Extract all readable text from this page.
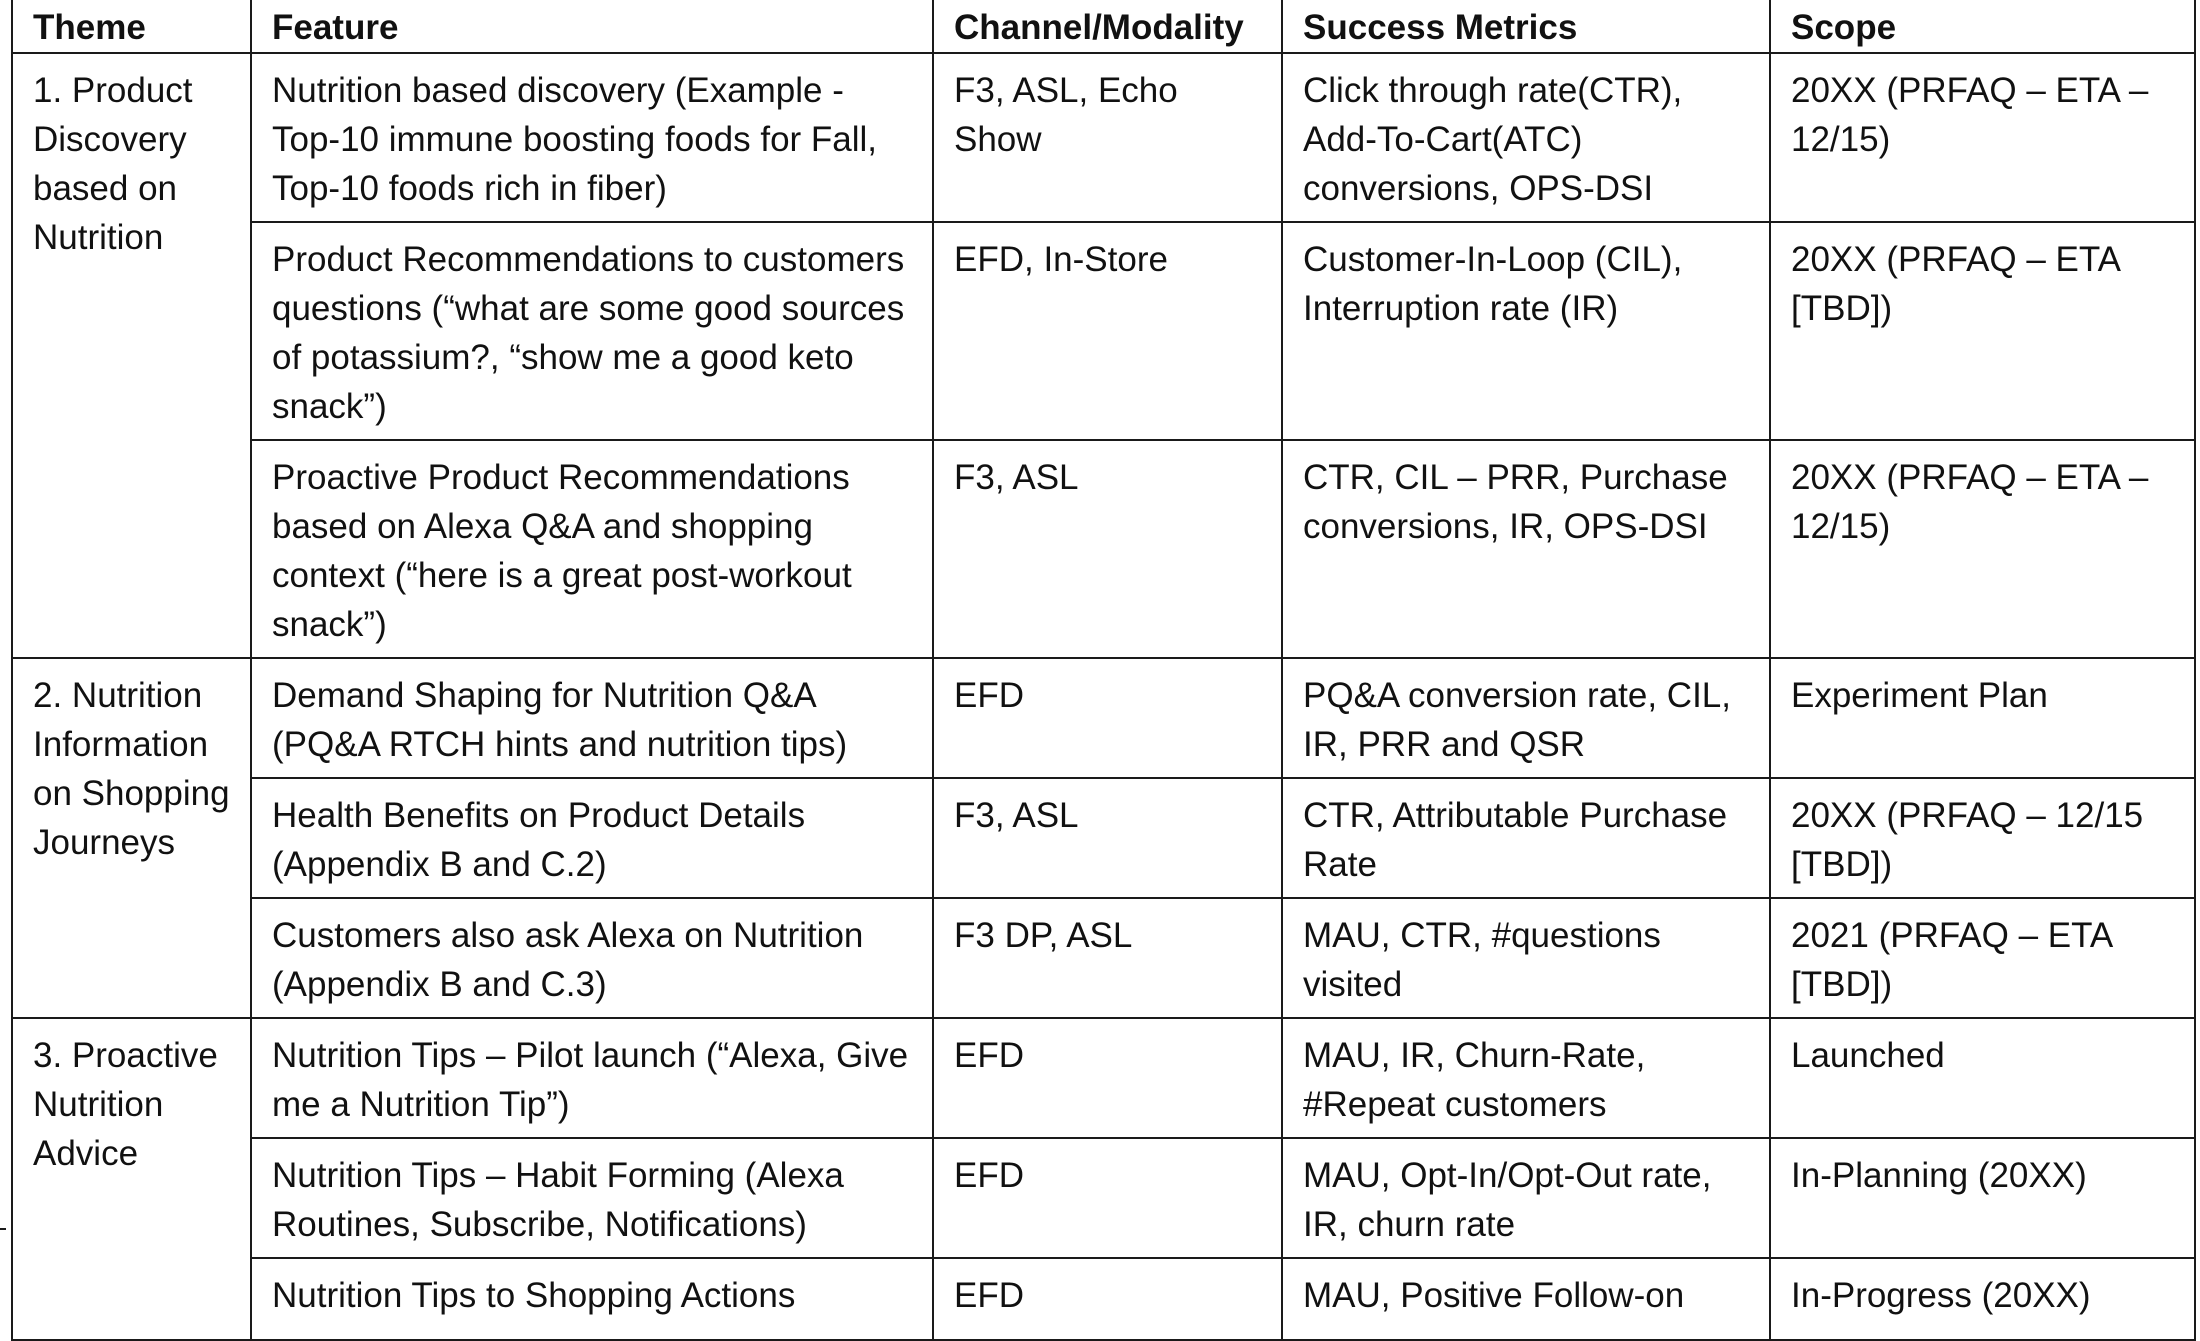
Theme	Feature	Channel/Modality	Success Metrics	Scope
1. Product Discovery based on Nutrition	Nutrition based discovery (Example - Top-10 immune boosting foods for Fall, Top-10 foods rich in fiber)	F3, ASL, Echo Show	Click through rate(CTR), Add-To-Cart(ATC) conversions, OPS-DSI	20XX (PRFAQ – ETA – 12/15)
	Product Recommendations to customers questions (“what are some good sources of potassium?, “show me a good keto snack”)	EFD, In-Store	Customer-In-Loop (CIL), Interruption rate (IR)	20XX (PRFAQ – ETA [TBD])
	Proactive Product Recommendations based on Alexa Q&A and shopping context (“here is a great post-workout snack”)	F3, ASL	CTR, CIL – PRR, Purchase conversions, IR, OPS-DSI	20XX (PRFAQ – ETA – 12/15)
2. Nutrition Information on Shopping Journeys	Demand Shaping for Nutrition Q&A (PQ&A RTCH hints and nutrition tips)	EFD	PQ&A conversion rate, CIL, IR, PRR and QSR	Experiment Plan
	Health Benefits on Product Details (Appendix B and C.2)	F3, ASL	CTR, Attributable Purchase Rate	20XX (PRFAQ – 12/15 [TBD])
	Customers also ask Alexa on Nutrition (Appendix B and C.3)	F3 DP, ASL	MAU, CTR, #questions visited	2021 (PRFAQ – ETA [TBD])
3. Proactive Nutrition Advice	Nutrition Tips – Pilot launch (“Alexa, Give me a Nutrition Tip”)	EFD	MAU, IR, Churn-Rate, #Repeat customers	Launched
	Nutrition Tips – Habit Forming (Alexa Routines, Subscribe, Notifications)	EFD	MAU, Opt-In/Opt-Out rate, IR, churn rate	In-Planning (20XX)
	Nutrition Tips to Shopping Actions	EFD	MAU, Positive Follow-on	In-Progress (20XX)
